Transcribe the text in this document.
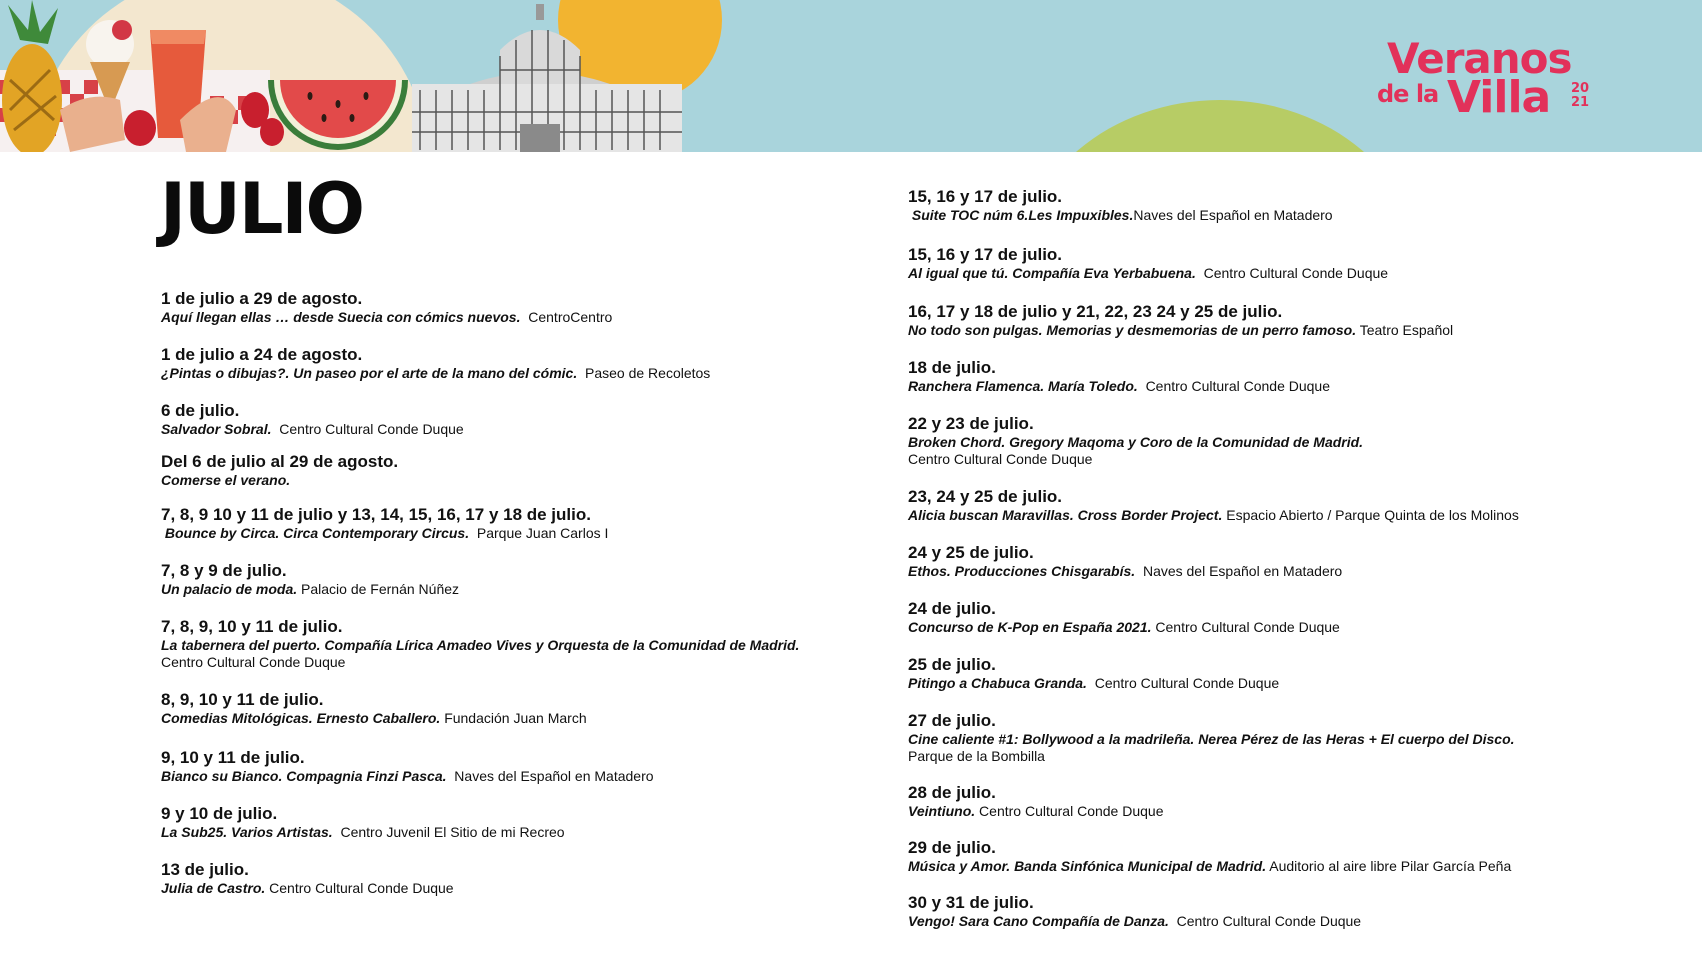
Veranos
de la Villa 20
21
JULIO
1 de julio a 29 de agosto.
Aquí llegan ellas … desde Suecia con cómics nuevos. CentroCentro
1 de julio a 24 de agosto.
¿Pintas o dibujas?. Un paseo por el arte de la mano del cómic. Paseo de Recoletos
6 de julio.
Salvador Sobral. Centro Cultural Conde Duque
Del 6 de julio al 29 de agosto.
Comerse el verano.
7, 8, 9 10 y 11 de julio y 13, 14, 15, 16, 17 y 18 de julio.
Bounce by Circa. Circa Contemporary Circus. Parque Juan Carlos I
7, 8 y 9 de julio.
Un palacio de moda. Palacio de Fernán Núñez
7, 8, 9, 10 y 11 de julio.
La tabernera del puerto. Compañía Lírica Amadeo Vives y Orquesta de la Comunidad de Madrid.
Centro Cultural Conde Duque
8, 9, 10 y 11 de julio.
Comedias Mitológicas. Ernesto Caballero. Fundación Juan March
9, 10 y 11 de julio.
Bianco su Bianco. Compagnia Finzi Pasca. Naves del Español en Matadero
9 y 10 de julio.
La Sub25. Varios Artistas. Centro Juvenil El Sitio de mi Recreo
13 de julio.
Julia de Castro. Centro Cultural Conde Duque
15, 16 y 17 de julio.
Suite TOC núm 6.Les Impuxibles.Naves del Español en Matadero
15, 16 y 17 de julio.
Al igual que tú. Compañía Eva Yerbabuena. Centro Cultural Conde Duque
16, 17 y 18 de julio y 21, 22, 23 24 y 25 de julio.
No todo son pulgas. Memorias y desmemorias de un perro famoso. Teatro Español
18 de julio.
Ranchera Flamenca. María Toledo. Centro Cultural Conde Duque
22 y 23 de julio.
Broken Chord. Gregory Maqoma y Coro de la Comunidad de Madrid.
Centro Cultural Conde Duque
23, 24 y 25 de julio.
Alicia buscan Maravillas. Cross Border Project. Espacio Abierto / Parque Quinta de los Molinos
24 y 25 de julio.
Ethos. Producciones Chisgarabís. Naves del Español en Matadero
24 de julio.
Concurso de K-Pop en España 2021. Centro Cultural Conde Duque
25 de julio.
Pitingo a Chabuca Granda. Centro Cultural Conde Duque
27 de julio.
Cine caliente #1: Bollywood a la madrileña. Nerea Pérez de las Heras + El cuerpo del Disco.
Parque de la Bombilla
28 de julio.
Veintiuno. Centro Cultural Conde Duque
29 de julio.
Música y Amor. Banda Sinfónica Municipal de Madrid. Auditorio al aire libre Pilar García Peña
30 y 31 de julio.
Vengo! Sara Cano Compañía de Danza. Centro Cultural Conde Duque
